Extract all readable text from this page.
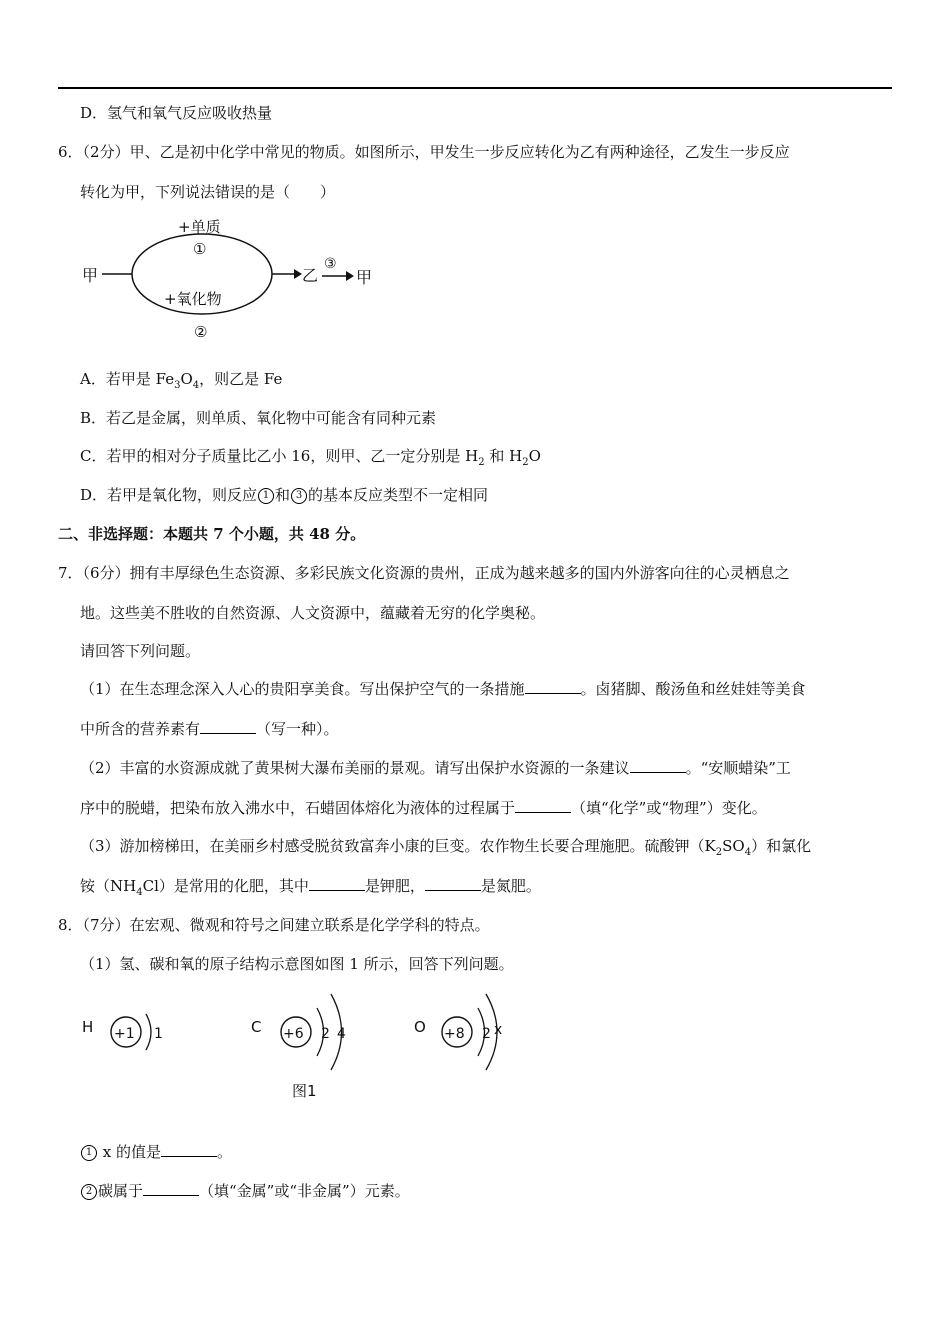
D．氢气和氧气反应吸收热量
6．（2分）甲、乙是初中化学中常见的物质。如图所示，甲发生一步反应转化为乙有两种途径，乙发生一步反应
转化为甲，下列说法错误的是（　　）
甲
+单质
①
+氧化物
②
乙
③
甲
A．若甲是 $Fe_3O_4$，则乙是 Fe
B．若乙是金属，则单质、氧化物中可能含有同种元素
C．若甲的相对分子质量比乙小 16，则甲、乙一定分别是 $H_2$ 和 $H_2O$
D．若甲是氧化物，则反应 1 和 3 的基本反应类型不一定相同
二、非选择题：本题共 7 个小题，共 48 分。
7．（6分）拥有丰厚绿色生态资源、多彩民族文化资源的贵州，正成为越来越多的国内外游客向往的心灵栖息之
地。这些美不胜收的自然资源、人文资源中，蕴藏着无穷的化学奥秘。
请回答下列问题。
（1）在生态理念深入人心的贵阳享美食。写出保护空气的一条措施	。卤猪脚、酸汤鱼和丝娃娃等美食
中所含的营养素有	（写一种）。
（2）丰富的水资源成就了黄果树大瀑布美丽的景观。请写出保护水资源的一条建议	。“安顺蜡染”工
序中的脱蜡，把染布放入沸水中，石蜡固体熔化为液体的过程属于	（填“化学”或“物理”）变化。
（3）游加榜梯田，在美丽乡村感受脱贫致富奔小康的巨变。农作物生长要合理施肥。硫酸钾$(K_2SO_4)$和氯化
铵$(NH_4Cl)$是常用的化肥，其中	是钾肥，	是氮肥。
8．（7分）在宏观、微观和符号之间建立联系是化学学科的特点。
（1）氢、碳和氧的原子结构示意图如图 1 所示，回答下列问题。
H +1 1	C +6 2 4	O +8 2 x
图1
1 x 的值是	。
2 碳属于	（填“金属”或“非金属”）元素。
